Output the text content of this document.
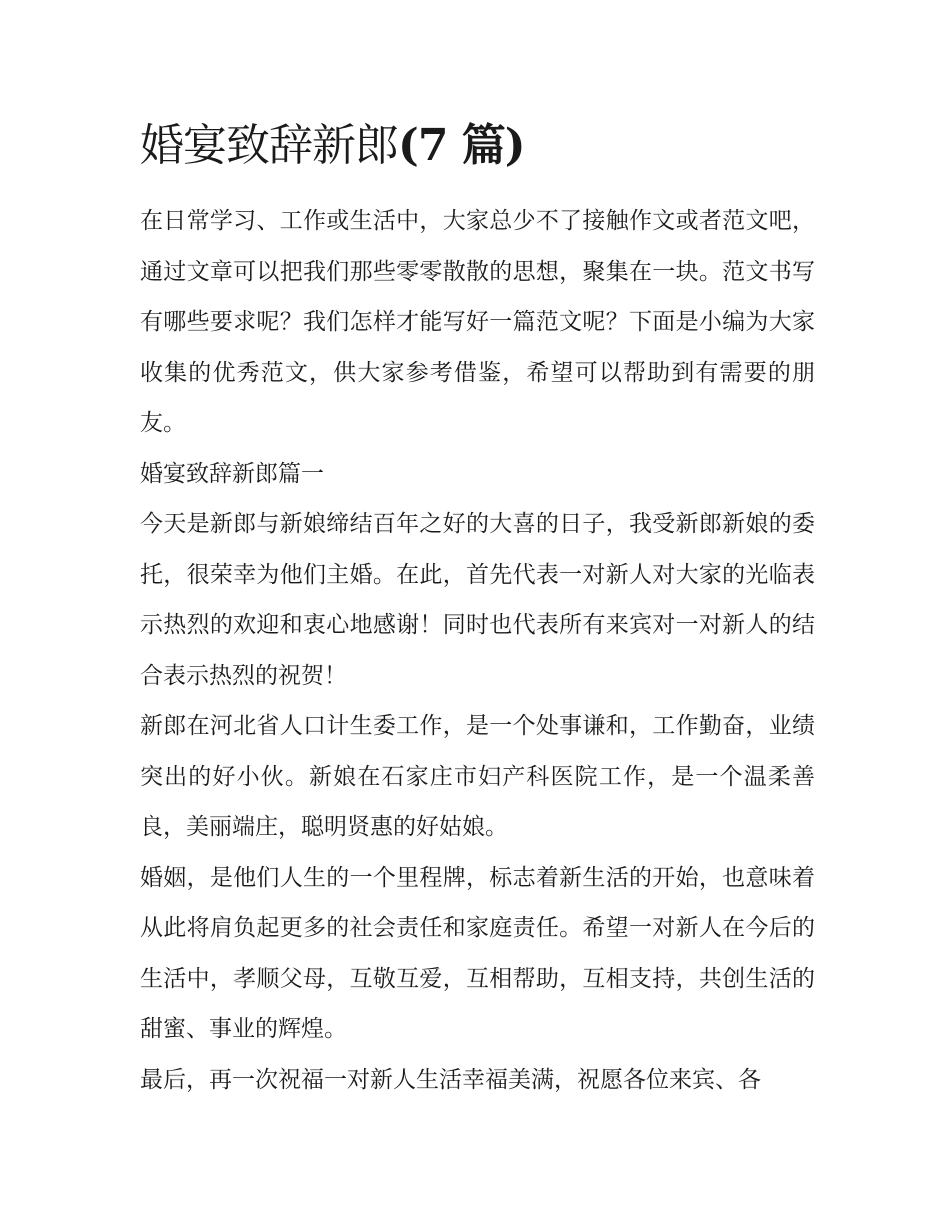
婚宴致辞新郎(7 篇)

在日常学习、工作或生活中，大家总少不了接触作文或者范文吧，通过文章可以把我们那些零零散散的思想，聚集在一块。范文书写有哪些要求呢？我们怎样才能写好一篇范文呢？下面是小编为大家收集的优秀范文，供大家参考借鉴，希望可以帮助到有需要的朋友。

婚宴致辞新郎篇一

今天是新郎与新娘缔结百年之好的大喜的日子，我受新郎新娘的委托，很荣幸为他们主婚。在此，首先代表一对新人对大家的光临表示热烈的欢迎和衷心地感谢！同时也代表所有来宾对一对新人的结合表示热烈的祝贺！

新郎在河北省人口计生委工作，是一个处事谦和，工作勤奋，业绩突出的好小伙。新娘在石家庄市妇产科医院工作，是一个温柔善良，美丽端庄，聪明贤惠的好姑娘。

婚姻，是他们人生的一个里程牌，标志着新生活的开始，也意味着从此将肩负起更多的社会责任和家庭责任。希望一对新人在今后的生活中，孝顺父母，互敬互爱，互相帮助，互相支持，共创生活的甜蜜、事业的辉煌。

最后，再一次祝福一对新人生活幸福美满，祝愿各位来宾、各
